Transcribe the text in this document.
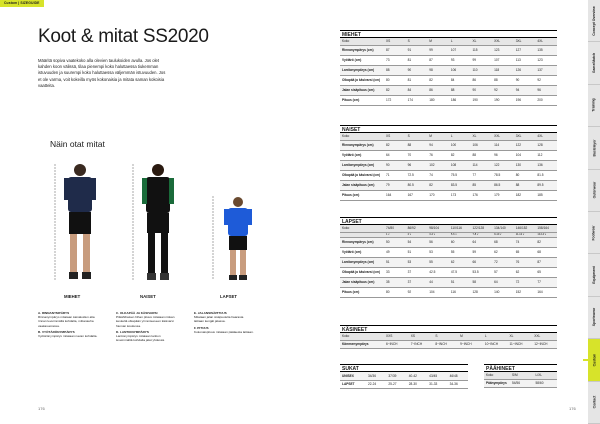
Custom | SIZEGUIDE
Koot & mitat SS2020
Määritä sopiva vaatekoko alla olevien taulukoiden avulla. Jos olet kahden koon välissä, tilaa pienempi koko haluttaessa tiukemman istuvuuden ja suurempi koko haluttaessa väljemmän istuvuuden. Jos et ole varma, voit kokeilla myös kokonaisia ja mitata saman kokoisia vaatteita.
Näin otat mitat
MIEHET	NAISET	LAPSET

A. RINNANYMPÄRYS
Rinnanympärys mitataan kainaloiden alta rinnan leveimmältä kohdalta, mittanauha vaakasuorassa.

B. VYÖTÄRÖNYMPÄRYS
Vyötärönympärys mitataan navan kohdalta.

C. OLKAPÄÄ JA KÄSIVARSI
Pitkähihaisen hihan pituus mitataan niskan keskeltä olkapään yli ranteeseen käsivarsi hieman koukussa.

D. LANTIONYMPÄRYS
Lantionympärys mitataan lantion leveimmältä kohdalta jalat yhdessä.

E. JALANSISÄPITUUS
Mitataan jalan sisäpuolelta haarasta lattiaan kengät jalassa.

F. PITUUS
Kokonaispituus mitataan päälaesta lattiaan.

176	176
MIEHET
Koko	XS	S	M	L	XL	XXL	3XL	4XL
Rinnanympärys (cm)	87	91	99	107	115	123	127	135
Vyötärö (cm)	73	81	87	93	99	107	113	123
Lantionympärys (cm)	88	90	98	106	110	118	126	137
Olkapää ja käsivarsi (cm)	80	81	82	84	86	88	90	92
Jalan sisäpituus (cm)	82	84	86	88	90	92	94	96
Pituus (cm)	172	174	180	186	190	190	196	200
NAISET
Koko	XS	S	M	L	XL	XXL	3XL	4XL
Rinnanympärys (cm)	82	88	94	100	106	114	122	128
Vyötärö (cm)	64	70	76	82	88	96	104	112
Lantionympärys (cm)	90	96	102	108	114	122	130	136
Olkapää ja käsivarsi (cm)	71	72.5	74	75.5	77	78.5	80	81.5
Jalan sisäpituus (cm)	79	80.5	82	83.5	85	86.5	88	89.5
Pituus (cm)	164	167	170	173	176	179	182	185
LAPSET
Koko	74/80	86/92	98/104	110/116	122/128	134/140	146/152	158/164
	1 v	2 v	3-4 v	5-6 v	7-8 v	9-10 v	11-12 v	13-14 v
Rinnanympärys (cm)	50	54	56	60	64	68	74	82
Vyötärö (cm)	49	51	53	55	59	62	65	68
Lantionympärys (cm)	51	53	55	62	66	72	76	87
Olkapää ja käsivarsi (cm)	33	37	42.5	47.5	53.5	57	62	65
Jalan sisäpituus (cm)	35	37	44	51	58	64	72	77
Pituus (cm)	80	92	104	116	128	140	152	164
KÄSINEET
Koko	XXS	XS	S	M	L	XL	XXL
Kämmenympärys	6~INCH	7~INCH	8~INCH	9~INCH	10~INCH	11~INCH	12~INCH
SUKAT
UNISEX	34/36	37/39	40-42	43/45	46/48
LAPSET	22-24	25-27	28-30	31-33	34-36
PÄÄHINEET
Koko	S/M	L/XL
Päänympärys	54/56	58/60
Concept Overview
Game/Match
Training
Basislayer
Outerwear
Footwear
Equipment
Sportswear
Custom
Contact
